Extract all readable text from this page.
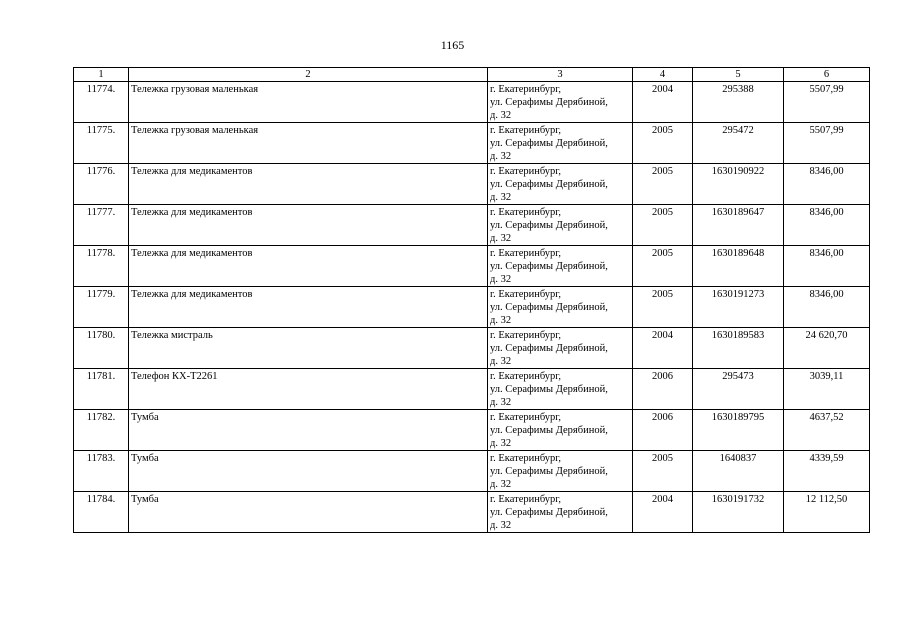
1165
1	2	3	4	5	6
11774.	Тележка грузовая маленькая	г. Екатеринбург,
ул. Серафимы Дерябиной,
д. 32	2004	295388	5507,99
11775.	Тележка грузовая маленькая	г. Екатеринбург,
ул. Серафимы Дерябиной,
д. 32	2005	295472	5507,99
11776.	Тележка для медикаментов	г. Екатеринбург,
ул. Серафимы Дерябиной,
д. 32	2005	1630190922	8346,00
11777.	Тележка для медикаментов	г. Екатеринбург,
ул. Серафимы Дерябиной,
д. 32	2005	1630189647	8346,00
11778.	Тележка для медикаментов	г. Екатеринбург,
ул. Серафимы Дерябиной,
д. 32	2005	1630189648	8346,00
11779.	Тележка для медикаментов	г. Екатеринбург,
ул. Серафимы Дерябиной,
д. 32	2005	1630191273	8346,00
11780.	Тележка мистраль	г. Екатеринбург,
ул. Серафимы Дерябиной,
д. 32	2004	1630189583	24 620,70
11781.	Телефон КХ-Т2261	г. Екатеринбург,
ул. Серафимы Дерябиной,
д. 32	2006	295473	3039,11
11782.	Тумба	г. Екатеринбург,
ул. Серафимы Дерябиной,
д. 32	2006	1630189795	4637,52
11783.	Тумба	г. Екатеринбург,
ул. Серафимы Дерябиной,
д. 32	2005	1640837	4339,59
11784.	Тумба	г. Екатеринбург,
ул. Серафимы Дерябиной,
д. 32	2004	1630191732	12 112,50
